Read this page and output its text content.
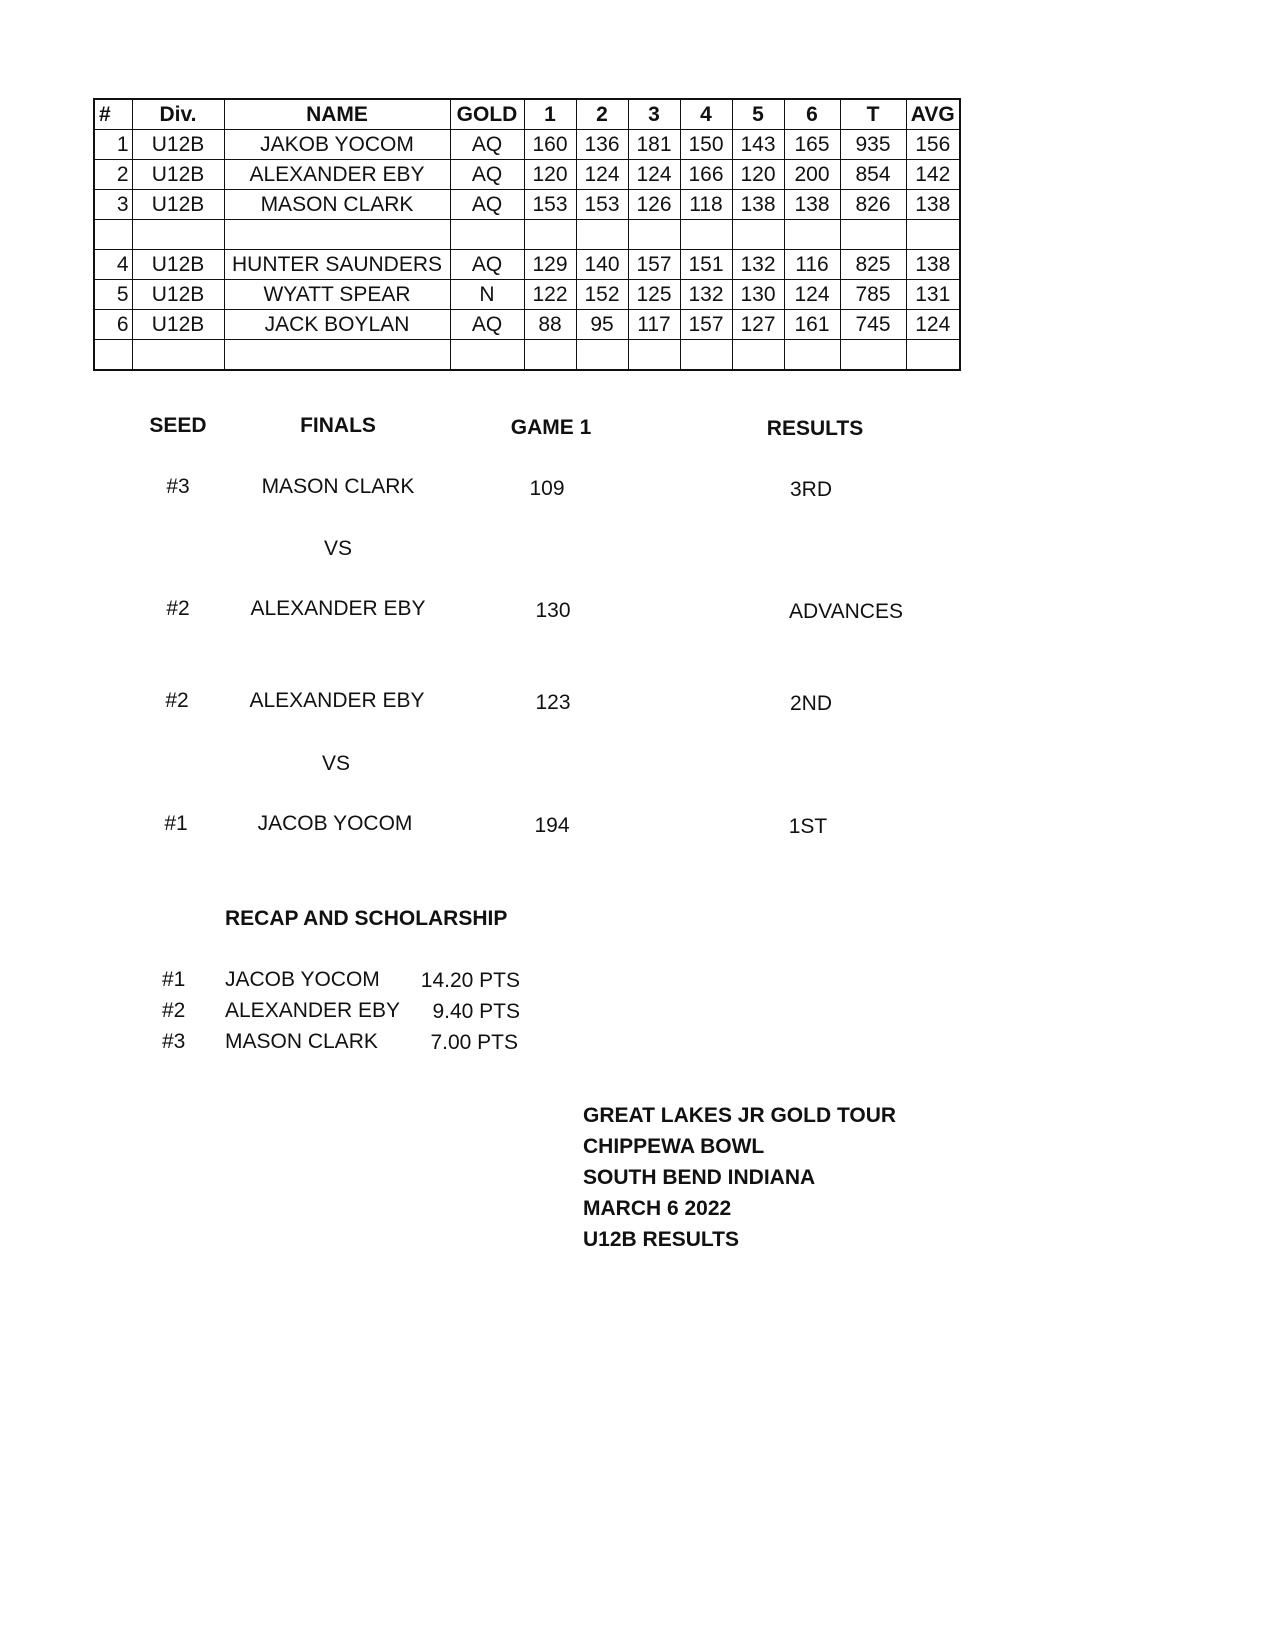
#	Div.	NAME	GOLD	1	2	3	4	5	6	T	AVG
1	U12B	JAKOB YOCOM	AQ	160	136	181	150	143	165	935	156
2	U12B	ALEXANDER EBY	AQ	120	124	124	166	120	200	854	142
3	U12B	MASON CLARK	AQ	153	153	126	118	138	138	826	138

4	U12B	HUNTER SAUNDERS	AQ	129	140	157	151	132	116	825	138
5	U12B	WYATT SPEAR	N	122	152	125	132	130	124	785	131
6	U12B	JACK BOYLAN	AQ	88	95	117	157	127	161	745	124

SEED	FINALS	GAME 1	RESULTS
#3	MASON CLARK	109	3RD
VS
#2	ALEXANDER EBY	130	ADVANCES
#2	ALEXANDER EBY	123	2ND
VS
#1	JACOB YOCOM	194	1ST
RECAP AND SCHOLARSHIP
#1 JACOB YOCOM 14.20 PTS
#2 ALEXANDER EBY 9.40 PTS
#3 MASON CLARK	7.00 PTS
GREAT LAKES JR GOLD TOUR
CHIPPEWA BOWL
SOUTH BEND INDIANA
MARCH 6 2022
U12B RESULTS
